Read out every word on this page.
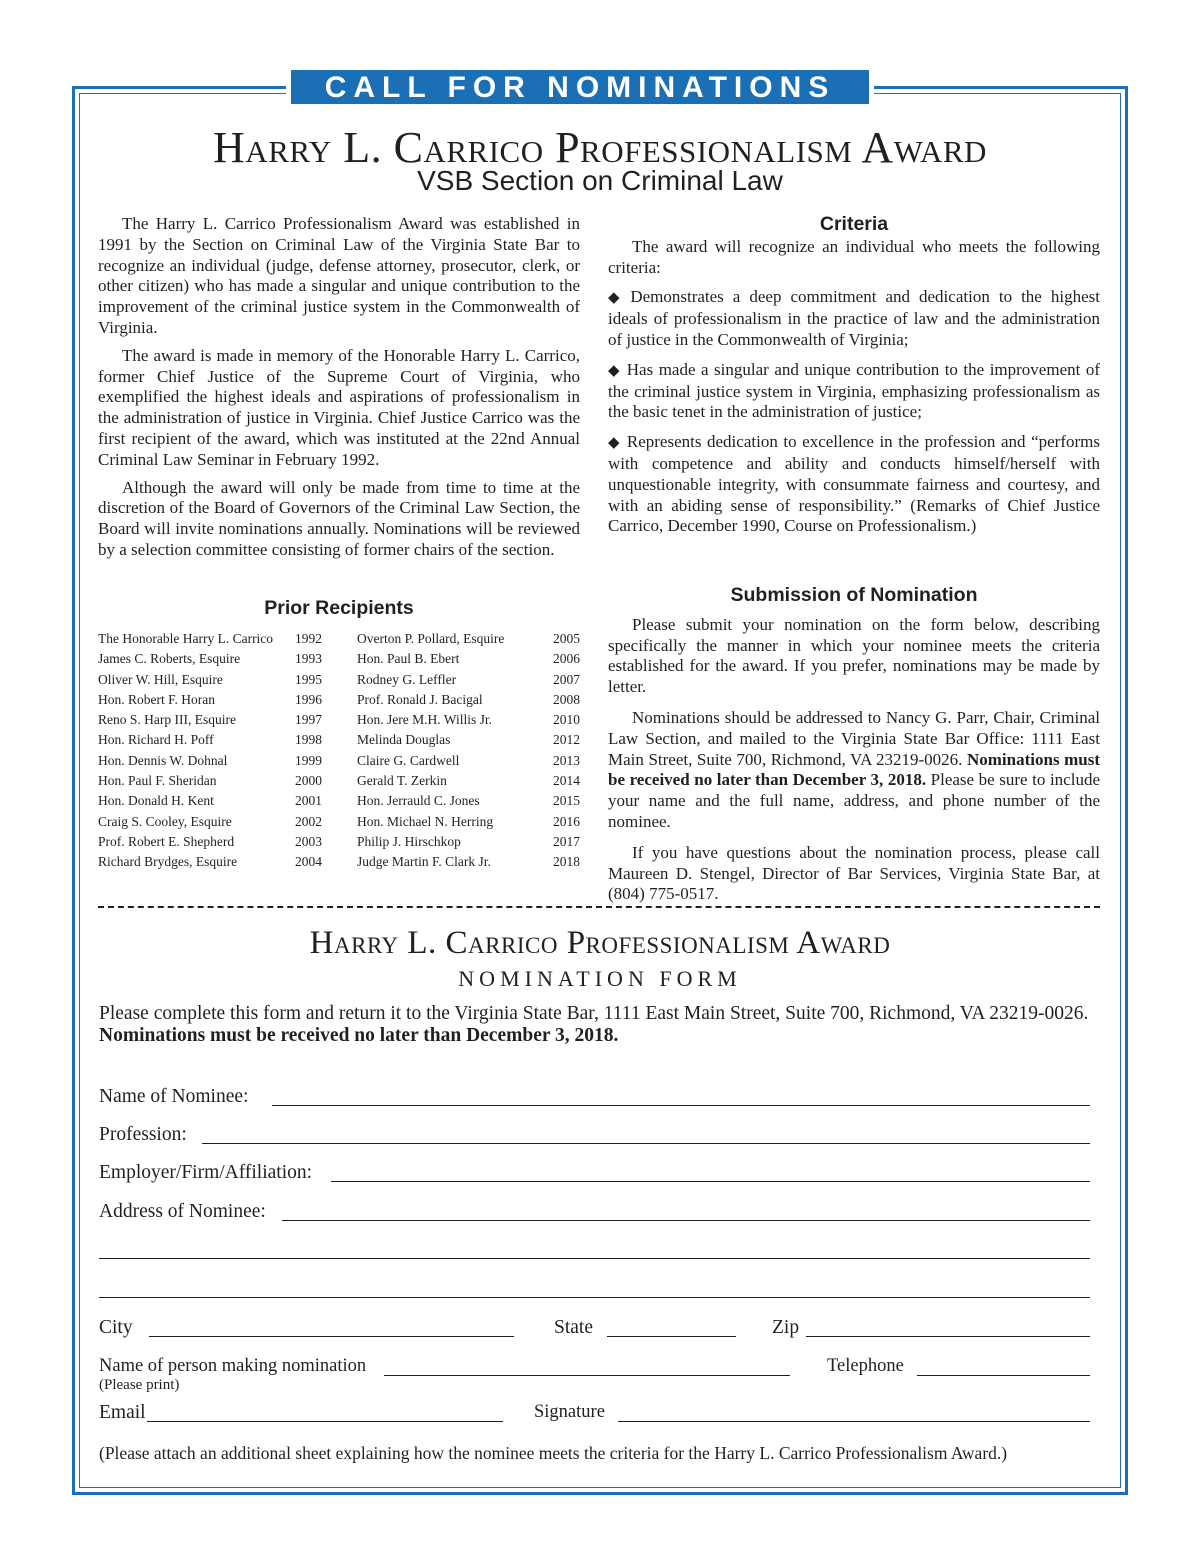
CALL FOR NOMINATIONS
Harry L. Carrico Professionalism Award
VSB Section on Criminal Law

The Harry L. Carrico Professionalism Award was established in 1991 by the Section on Criminal Law of the Virginia State Bar to recognize an individual (judge, defense attorney, prosecutor, clerk, or other citizen) who has made a singular and unique contribution to the improvement of the criminal justice system in the Commonwealth of Virginia.

The award is made in memory of the Honorable Harry L. Carrico, former Chief Justice of the Supreme Court of Virginia, who exemplified the highest ideals and aspirations of professionalism in the administration of justice in Virginia. Chief Justice Carrico was the first recipient of the award, which was instituted at the 22nd Annual Criminal Law Seminar in February 1992.

Although the award will only be made from time to time at the discretion of the Board of Governors of the Criminal Law Section, the Board will invite nominations annually. Nominations will be reviewed by a selection committee consisting of former chairs of the section.

Criteria

The award will recognize an individual who meets the following criteria:

◆ Demonstrates a deep commitment and dedication to the highest ideals of professionalism in the practice of law and the administration of justice in the Commonwealth of Virginia;
◆ Has made a singular and unique contribution to the improvement of the criminal justice system in Virginia, emphasizing professionalism as the basic tenet in the administration of justice;
◆ Represents dedication to excellence in the profession and “performs with competence and ability and conducts himself/herself with unquestionable integrity, with consummate fairness and courtesy, and with an abiding sense of responsibility.” (Remarks of Chief Justice Carrico, December 1990, Course on Professionalism.)
Prior Recipients
The Honorable Harry L. Carrico 1992
James C. Roberts, Esquire	1993
Oliver W. Hill, Esquire	1995
Hon. Robert F. Horan	1996
Reno S. Harp III, Esquire	1997
Hon. Richard H. Poff	1998
Hon. Dennis W. Dohnal	1999
Hon. Paul F. Sheridan	2000
Hon. Donald H. Kent	2001
Craig S. Cooley, Esquire	2002
Prof. Robert E. Shepherd	2003
Richard Brydges, Esquire	2004
Overton P. Pollard, Esquire	2005
Hon. Paul B. Ebert	2006
Rodney G. Leffler	2007
Prof. Ronald J. Bacigal	2008
Hon. Jere M.H. Willis Jr.	2010
Melinda Douglas	2012
Claire G. Cardwell	2013
Gerald T. Zerkin	2014
Hon. Jerrauld C. Jones	2015
Hon. Michael N. Herring	2016
Philip J. Hirschkop	2017
Judge Martin F. Clark Jr.	2018
Submission of Nomination

Please submit your nomination on the form below, describing specifically the manner in which your nominee meets the criteria established for the award. If you prefer, nominations may be made by letter.

Nominations should be addressed to Nancy G. Parr, Chair, Criminal Law Section, and mailed to the Virginia State Bar Office: 1111 East Main Street, Suite 700, Richmond, VA 23219-0026. Nominations must be received no later than December 3, 2018. Please be sure to include your name and the full name, address, and phone number of the nominee.

If you have questions about the nomination process, please call Maureen D. Stengel, Director of Bar Services, Virginia State Bar, at (804) 775-0517.

Harry L. Carrico Professionalism Award
NOMINATION FORM
Please complete this form and return it to the Virginia State Bar, 1111 East Main Street, Suite 700, Richmond, VA 23219-0026. Nominations must be received no later than December 3, 2018.
Name of Nominee:
Profession:
Employer/Firm/Affiliation:
Address of Nominee:
City	State	Zip
Name of person making nomination
(Please print)
Telephone
Email	Signature
(Please attach an additional sheet explaining how the nominee meets the criteria for the Harry L. Carrico Professionalism Award.)
